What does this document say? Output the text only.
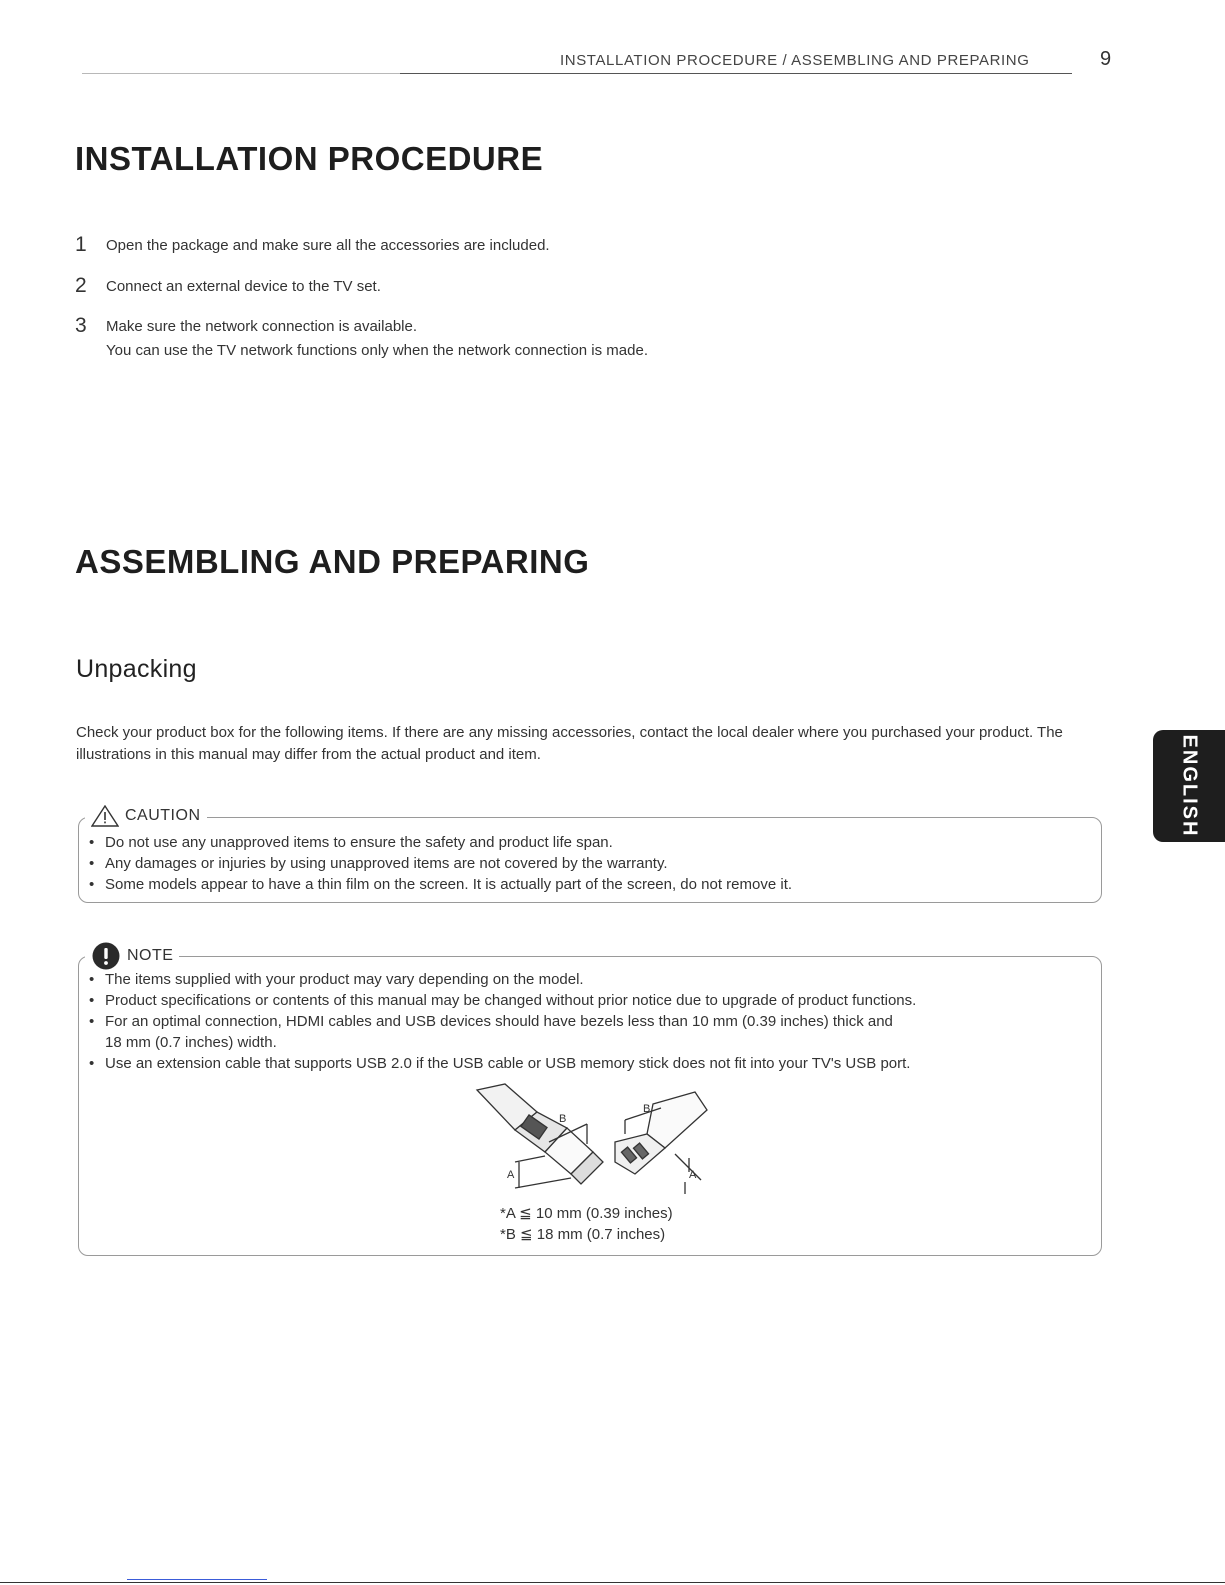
INSTALLATION PROCEDURE / ASSEMBLING AND PREPARING	9
INSTALLATION PROCEDURE
1 Open the package and make sure all the accessories are included.
2 Connect an external device to the TV set.
3 Make sure the network connection is available.
You can use the TV network functions only when the network connection is made.
ASSEMBLING AND PREPARING
Unpacking
Check your product box for the following items. If there are any missing accessories, contact the local dealer where you purchased your product. The illustrations in this manual may differ from the actual product and item.
CAUTION
• Do not use any unapproved items to ensure the safety and product life span.
• Any damages or injuries by using unapproved items are not covered by the warranty.
• Some models appear to have a thin film on the screen. It is actually part of the screen, do not remove it.
NOTE
• The items supplied with your product may vary depending on the model.
• Product specifications or contents of this manual may be changed without prior notice due to upgrade of product functions.
• For an optimal connection, HDMI cables and USB devices should have bezels less than 10 mm (0.39 inches) thick and
18 mm (0.7 inches) width.
• Use an extension cable that supports USB 2.0 if the USB cable or USB memory stick does not fit into your TV's USB port.
A
B
B
A
*A ≦ 10 mm (0.39 inches)
*B ≦ 18 mm (0.7 inches)
ENGLISH
